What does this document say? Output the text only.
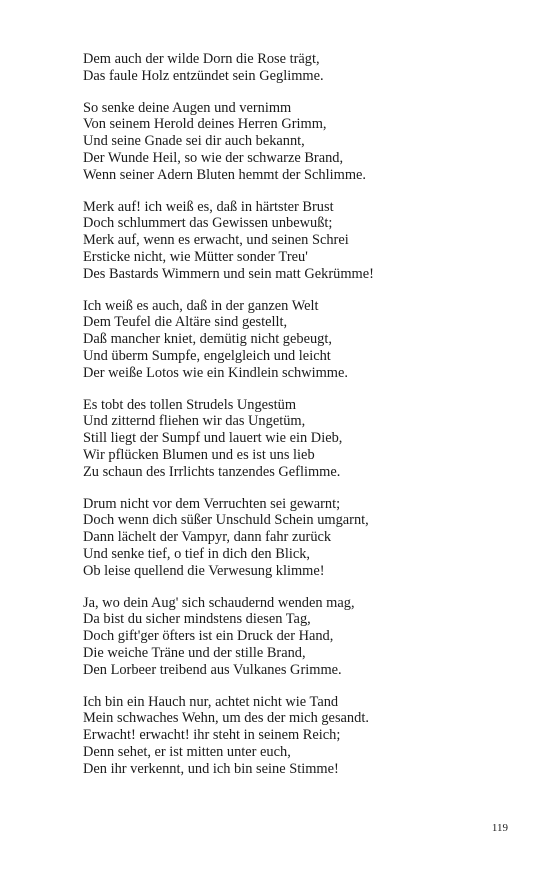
Dem auch der wilde Dorn die Rose trägt,
Das faule Holz entzündet sein Geglimme.
So senke deine Augen und vernimm
Von seinem Herold deines Herren Grimm,
Und seine Gnade sei dir auch bekannt,
Der Wunde Heil, so wie der schwarze Brand,
Wenn seiner Adern Bluten hemmt der Schlimme.
Merk auf! ich weiß es, daß in härtster Brust
Doch schlummert das Gewissen unbewußt;
Merk auf, wenn es erwacht, und seinen Schrei
Ersticke nicht, wie Mütter sonder Treu'
Des Bastards Wimmern und sein matt Gekrümme!
Ich weiß es auch, daß in der ganzen Welt
Dem Teufel die Altäre sind gestellt,
Daß mancher kniet, demütig nicht gebeugt,
Und überm Sumpfe, engelgleich und leicht
Der weiße Lotos wie ein Kindlein schwimme.
Es tobt des tollen Strudels Ungestüm
Und zitternd fliehen wir das Ungetüm,
Still liegt der Sumpf und lauert wie ein Dieb,
Wir pflücken Blumen und es ist uns lieb
Zu schaun des Irrlichts tanzendes Geflimme.
Drum nicht vor dem Verruchten sei gewarnt;
Doch wenn dich süßer Unschuld Schein umgarnt,
Dann lächelt der Vampyr, dann fahr zurück
Und senke tief, o tief in dich den Blick,
Ob leise quellend die Verwesung klimme!
Ja, wo dein Aug' sich schaudernd wenden mag,
Da bist du sicher mindstens diesen Tag,
Doch gift'ger öfters ist ein Druck der Hand,
Die weiche Träne und der stille Brand,
Den Lorbeer treibend aus Vulkanes Grimme.
Ich bin ein Hauch nur, achtet nicht wie Tand
Mein schwaches Wehn, um des der mich gesandt.
Erwacht! erwacht! ihr steht in seinem Reich;
Denn sehet, er ist mitten unter euch,
Den ihr verkennt, und ich bin seine Stimme!
119
